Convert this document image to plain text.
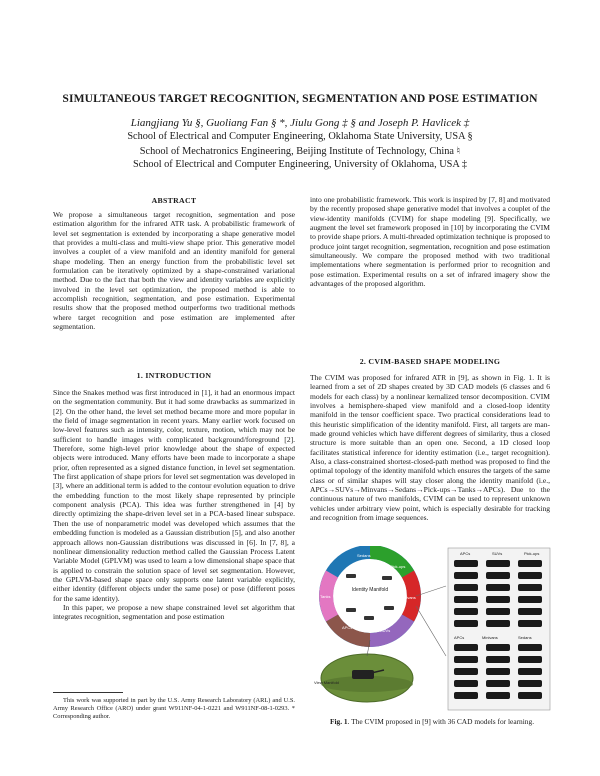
SIMULTANEOUS TARGET RECOGNITION, SEGMENTATION AND POSE ESTIMATION
Liangjiang Yu §, Guoliang Fan § *, Jiulu Gong ‡ § and Joseph P. Havlicek ‡
School of Electrical and Computer Engineering, Oklahoma State University, USA §
School of Mechatronics Engineering, Beijing Institute of Technology, China ♮
School of Electrical and Computer Engineering, University of Oklahoma, USA ‡
ABSTRACT
We propose a simultaneous target recognition, segmentation and pose estimation algorithm for the infrared ATR task. A probabilistic framework of level set segmentation is extended by incorporating a shape generative model that provides a multi-class and multi-view shape prior. This generative model involves a couplet of a view manifold and an identity manifold for general shape modeling. Then an energy function from the probabilistic level set formulation can be iteratively optimized by a shape-constrained variational method. Due to the fact that both the view and identity variables are explicitly involved in the level set optimization, the proposed method is able to accomplish recognition, segmentation, and pose estimation. Experimental results show that the proposed method outperforms two traditional methods where target recognition and pose estimation are implemented after segmentation.
1. INTRODUCTION
Since the Snakes method was first introduced in [1], it had an enormous impact on the segmentation community. But it had some drawbacks as summarized in [2]. On the other hand, the level set method became more and more popular in the field of image segmentation in recent years. Many earlier work focused on low-level features such as intensity, color, texture, motion, which may not be sufficient to handle images with complicated background/foreground [2]. Therefore, some high-level prior knowledge about the shape of expected objects were introduced. Many efforts have been made to incorporate a shape prior, often represented as a signed distance function, in level set segmentation. The first application of shape priors for level set segmentation was developed in [3], where an additional term is added to the contour evolution equation to drive the embedding function to the most likely shape represented by principle component analysis (PCA). This idea was further strengthened in [4] by directly optimizing the shape-driven level set in a PCA-based linear subspace. Then the use of nonparametric model was developed which assumes that the embedding function is modeled as a Gaussian distribution [5], and also another approach allows non-Gaussian distributions was discussed in [6]. In [7, 8], a nonlinear dimensionality reduction method called the Gaussian Process Latent Variable Model (GPLVM) was used to learn a low dimensional shape space that is applied to constrain the solution space of level set segmentation. However, the GPLVM-based shape space only supports one latent variable explicitly, either identity (different objects under the same pose) or pose (different poses for the same identity).
In this paper, we propose a new shape constrained level set algorithm that integrates recognition, segmentation and pose estimation
This work was supported in part by the U.S. Army Research Laboratory (ARL) and U.S. Army Research Office (ARO) under grant W911NF-04-1-0221 and W911NF-08-1-0293. * Corresponding author.
into one probabilistic framework. This work is inspired by [7, 8] and motivated by the recently proposed shape generative model that involves a couplet of the view-identity manifolds (CVIM) for shape modeling [9]. Specifically, we augment the level set framework proposed in [10] by incorporating the CVIM to provide shape priors. A multi-threaded optimization technique is proposed to produce joint target recognition, segmentation, recognition and pose estimation simultaneously. We compare the proposed method with two traditional implementations where segmentation is performed prior to recognition and pose estimation. Experimental results on a set of infrared imagery show the advantages of the proposed algorithm.
2. CVIM-BASED SHAPE MODELING
The CVIM was proposed for infrared ATR in [9], as shown in Fig. 1. It is learned from a set of 2D shapes created by 3D CAD models (6 classes and 6 models for each class) by a nonlinear kernalized tensor decomposition. CVIM involves a hemisphere-shaped view manifold and a closed-loop identity manifold in the tensor coefficient space. Two practical considerations lead to this heuristic simplification of the identity manifold. First, all targets are man-made ground vehicles which have different degrees of similarity, thus a closed structure is more suitable than an open one. Second, a 1D closed loop facilitates statistical inference for identity estimation (i.e., target recognition). Also, a class-constrained shortest-closed-path method was proposed to find the optimal topology of the identity manifold which ensures the targets of the same class or of similar shapes will stay closer along the identity manifold (i.e., APCs→SUVs→Minvans→Sedans→Pick-ups→Tanks→APCs). Due to the continuous nature of two manifolds, CVIM can be used to represent unknown vehicles under arbitrary view point, which is especially desirable for tracking and recognition from image sequences.
Identity Manifold
Sedans
Pick-ups
Minivans
SUVs
APCs
Tanks
View Manifold
APCs	SUVs	Pick-ups
APCs	Minivans	Sedans
Fig. 1. The CVIM proposed in [9] with 36 CAD models for learning.
